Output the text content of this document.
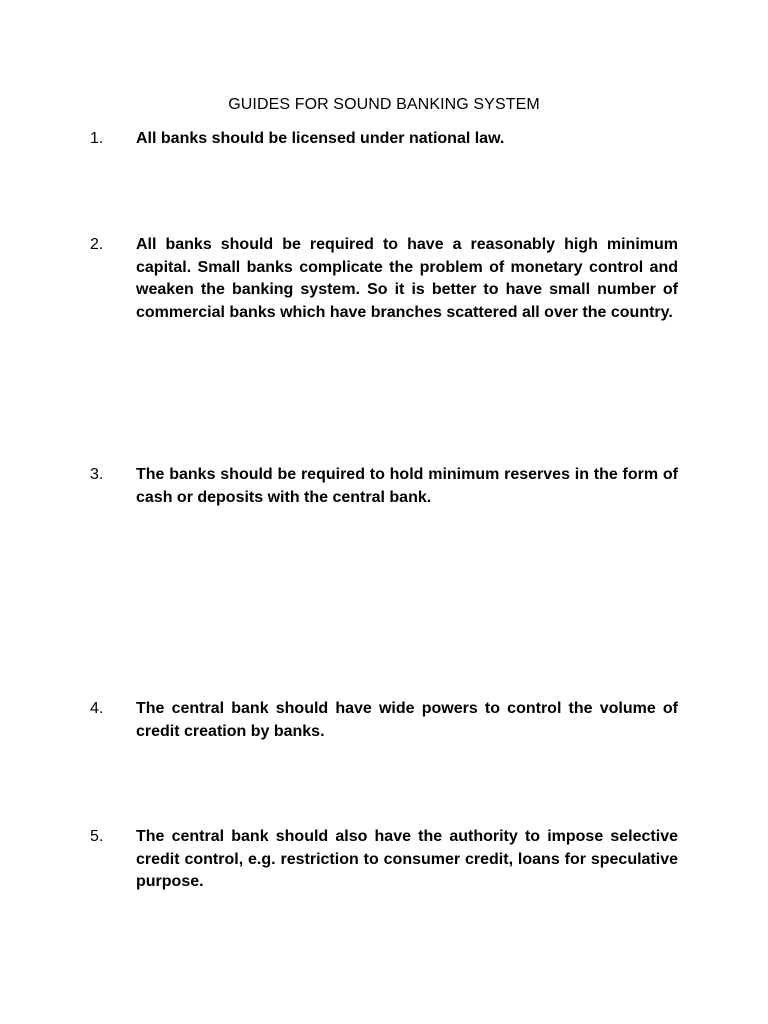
GUIDES FOR SOUND BANKING SYSTEM
1.	All banks should be licensed under national law.
2.	All banks should be required to have a reasonably high minimum capital. Small banks complicate the problem of monetary control and weaken the banking system. So it is better to have small number of commercial banks which have branches scattered all over the country.
3.	The banks should be required to hold minimum reserves in the form of cash or deposits with the central bank.
4.	The central bank should have wide powers to control the volume of credit creation by banks.
5.	The central bank should also have the authority to impose selective credit control, e.g. restriction to consumer credit, loans for speculative purpose.
